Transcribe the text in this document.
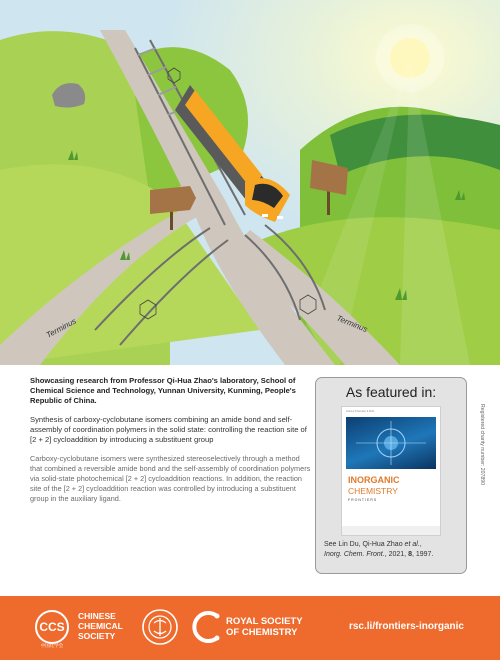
Terminus	Terminus

Showcasing research from Professor Qi-Hua Zhao's laboratory, School of Chemical Science and Technology, Yunnan University, Kunming, People's Republic of China.

Synthesis of carboxy-cyclobutane isomers combining an amide bond and self-assembly of coordination polymers in the solid state: controlling the reaction site of [2 + 2] cycloaddition by introducing a substituent group

Carboxy-cyclobutane isomers were synthesized stereoselectively through a method that combined a reversible amide bond and the self-assembly of coordination polymers via solid-state photochemical [2 + 2] cycloaddition reactions. In addition, the reaction site of the [2 + 2] cycloaddition reaction was controlled by introducing a substituent group in the auxiliary ligand.

As featured in:
Volume 8 Number 9 2021
INORGANIC
CHEMISTRY
FRONTIERS
See Lin Du, Qi-Hua Zhao et al.,
Inorg. Chem. Front., 2021, 8, 1997.
Registered charity number: 207890
CCS
中国化学会
CHINESE
CHEMICAL
SOCIETY
ROYAL SOCIETY
OF CHEMISTRY
rsc.li/frontiers-inorganic
